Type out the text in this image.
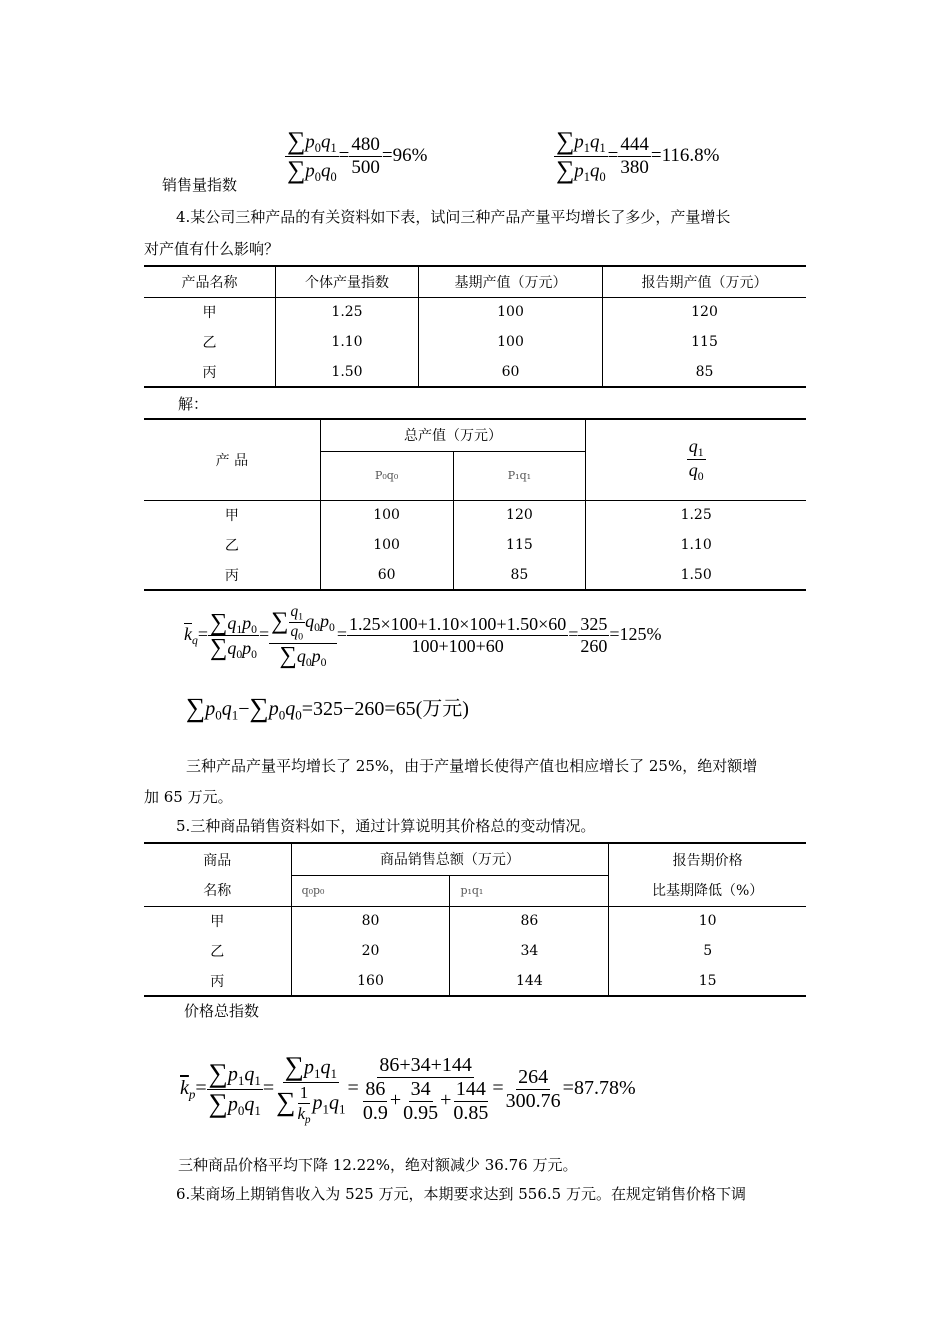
$\frac{\sum p_0q_1}{\sum p_0q_0} = \frac{480}{500} =96\%$	$\frac{\sum p_1q_1}{\sum p_1q_0} = \frac{444}{380} =116.8\%$
销售量指数
4.某公司三种产品的有关资料如下表，试问三种产品产量平均增长了多少，产量增长
对产值有什么影响？
产品名称	个体产量指数	基期产值（万元）	报告期产值（万元）
甲	1.25	100	120
乙	1.10	100	115
丙	1.50	60	85
解：
产 品	总产值（万元）		$\frac{q_1}{q_0}$

	P₀q₀	P₁q₁	
甲	100	120	1.25
乙	100	115	1.10
丙	60	85	1.50
$\overline{k}_q= \frac{\sum q_1p_0}{\sum q_0p_0} = \frac{\sum \frac{q_1}{q_0} q_0p_0}{\sum q_0p_0} = \frac{1.25\times 100+1.10\times 100+1.50\times 60}{100+100+60} = \frac{325}{260} =125\%$
$\sum p_0q_1-\sum p_0q_0=325-260=65$(万元)
三种产品产量平均增长了 25%，由于产量增长使得产值也相应增长了 25%，绝对额增
加 65 万元。
5.三种商品销售资料如下，通过计算说明其价格总的变动情况。
商品	商品销售总额（万元）		报告期价格
名称	q₀p₀	p₁q₁	比基期降低（%）
甲	80	86	10
乙	20	34	5
丙	160	144	15
价格总指数
$\overline{k}_p= \frac{\sum p_1q_1}{\sum p_0q_1} = \frac{\sum p_1q_1}{\sum \frac{1}{k_p} p_1q_1} = \frac{86+34+144}{\frac{86}{0.9} + \frac{34}{0.95} + \frac{144}{0.85}} = \frac{264}{300.76} =87.78\%$
三种商品价格平均下降 12.22%，绝对额减少 36.76 万元。
6.某商场上期销售收入为 525 万元，本期要求达到 556.5 万元。在规定销售价格下调
